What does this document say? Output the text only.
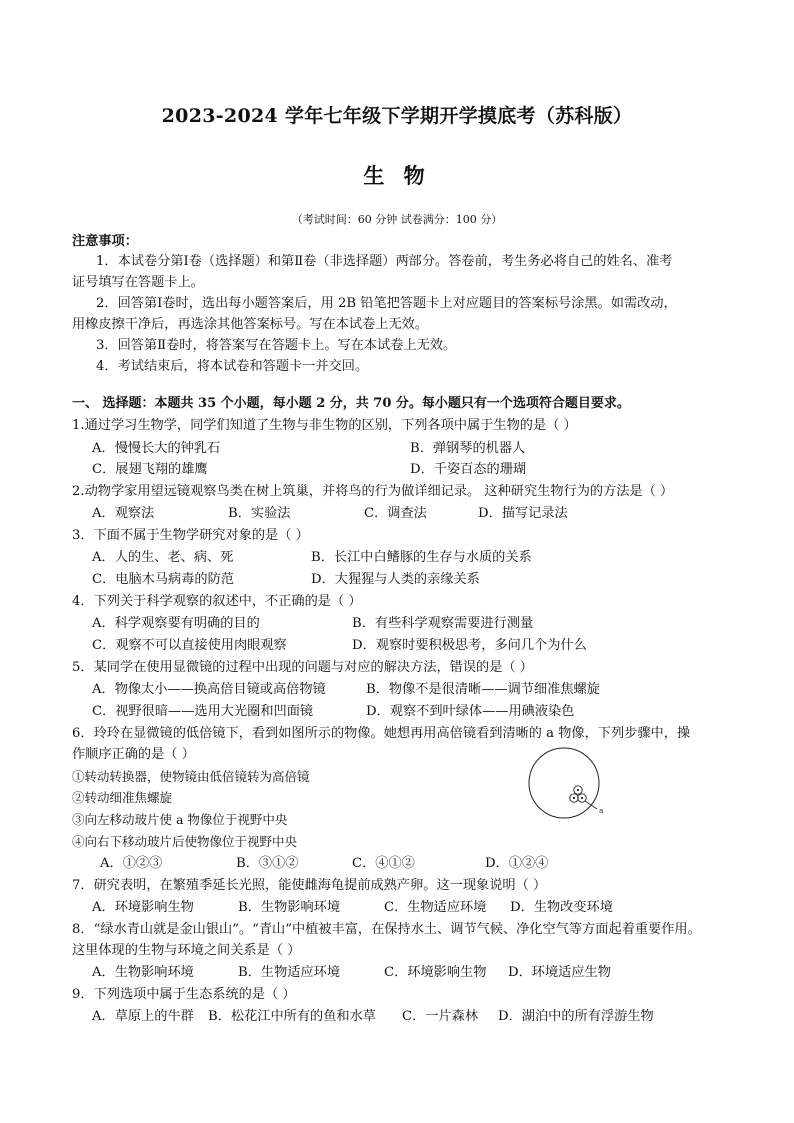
2023-2024 学年七年级下学期开学摸底考（苏科版）
生 物
（考试时间：60 分钟 试卷满分：100 分）
注意事项：
1．本试卷分第Ⅰ卷（选择题）和第Ⅱ卷（非选择题）两部分。答卷前，考生务必将自己的姓名、准考
证号填写在答题卡上。
2．回答第Ⅰ卷时，选出每小题答案后，用 2B 铅笔把答题卡上对应题目的答案标号涂黑。如需改动，
用橡皮擦干净后，再选涂其他答案标号。写在本试卷上无效。
3．回答第Ⅱ卷时，将答案写在答题卡上。写在本试卷上无效。
4．考试结束后，将本试卷和答题卡一并交回。
一、 选择题：本题共 35 个小题，每小题 2 分，共 70 分。每小题只有一个选项符合题目要求。
1.通过学习生物学，同学们知道了生物与非生物的区别，下列各项中属于生物的是（ ）
A．慢慢长大的钟乳石	B．弹钢琴的机器人
C．展翅飞翔的雄鹰	D．千姿百态的珊瑚
2.动物学家用望远镜观察鸟类在树上筑巢，并将鸟的行为做详细记录。 这种研究生物行为的方法是（ ）
A．观察法	B．实验法	C．调查法	D．描写记录法
3．下面不属于生物学研究对象的是（ ）
A．人的生、老、病、死	B．长江中白鳍豚的生存与水质的关系
C．电脑木马病毒的防范	D．大猩猩与人类的亲缘关系
4．下列关于科学观察的叙述中，不正确的是（ ）
A．科学观察要有明确的目的	B．有些科学观察需要进行测量
C．观察不可以直接使用肉眼观察	D．观察时要积极思考，多问几个为什么
5．某同学在使用显微镜的过程中出现的问题与对应的解决方法，错误的是（ ）
A．物像太小——换高倍目镜或高倍物镜	B．物像不是很清晰——调节细准焦螺旋
C．视野很暗——选用大光圈和凹面镜	D．观察不到叶绿体——用碘液染色
6．玲玲在显微镜的低倍镜下，看到如图所示的物像。她想再用高倍镜看到清晰的 a 物像，下列步骤中，操
作顺序正确的是（ ）
①转动转换器，使物镜由低倍镜转为高倍镜
②转动细准焦螺旋
③向左移动玻片使 a 物像位于视野中央
④向右下移动玻片后使物像位于视野中央
A．①②③	B．③①②	C．④①②	D．①②④
a
7．研究表明，在繁殖季延长光照，能使雌海龟提前成熟产卵。这一现象说明（ ）
A．环境影响生物	B．生物影响环境	C．生物适应环境 D．生物改变环境
8．“绿水青山就是金山银山”。“青山”中植被丰富，在保持水土、调节气候、净化空气等方面起着重要作用。
这里体现的生物与环境之间关系是（ ）
A．生物影响环境	B．生物适应环境	C．环境影响生物 D．环境适应生物
9．下列选项中属于生态系统的是（ ）
A．草原上的牛群 B．松花江中所有的鱼和水草 C．一片森林 D．湖泊中的所有浮游生物
